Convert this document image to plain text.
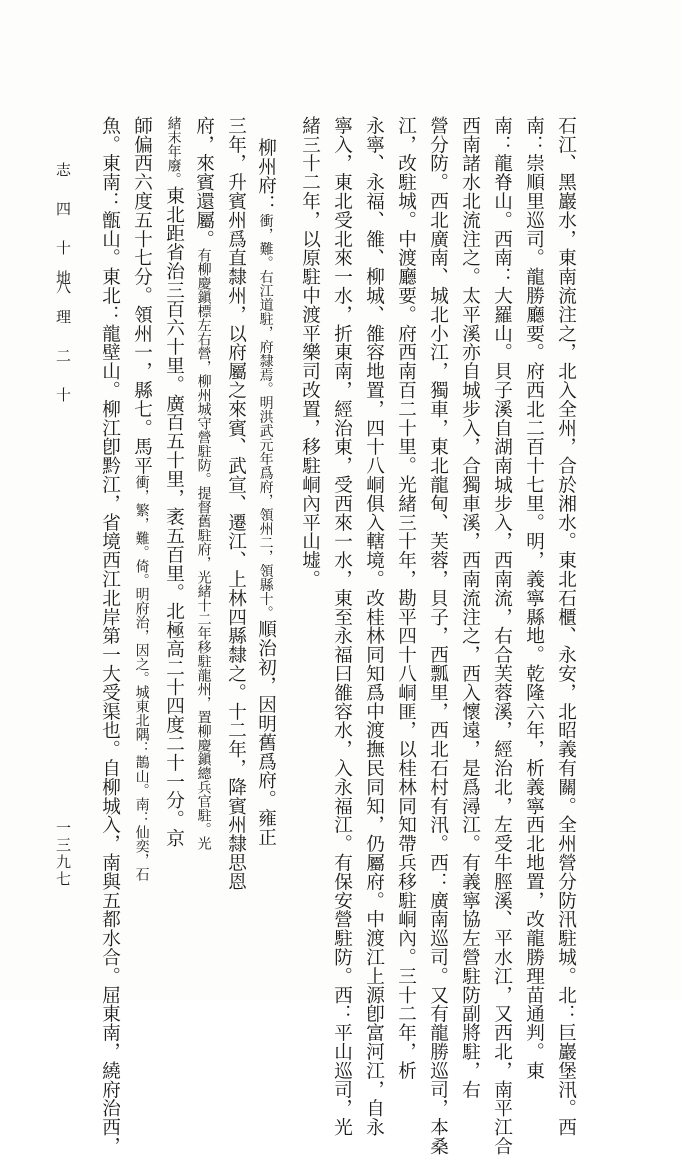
石江、黑巖水，東南流注之，北入全州，合於湘水。東北石櫃、永安，北昭義有關。全州營分防汛駐城。北：巨巖堡汛。西
南：崇順里巡司。龍勝廳要。府西北二百十七里。明，義寧縣地。乾隆六年，析義寧西北地置，改龍勝理苗通判。東
南：龍脊山。西南：大羅山。貝子溪自湖南城步入，西南流，右合芙蓉溪，經治北，左受牛脛溪、平水江，又西北，南平江合
西南諸水北流注之。太平溪亦自城步入，合獨車溪，西南流注之，西入懷遠，是爲潯江。有義寧協左營駐防副將駐，右
營分防。西北廣南、城北小江，獨車，東北龍甸、芙蓉，貝子，西瓢里，西北石村有汛。西：廣南巡司。又有龍勝巡司，本桑
江，改駐城。中渡廳要。府西南百二十里。光緒三十年，勘平四十八峒匪，以桂林同知帶兵移駐峒內。三十二年，析
永寧、永福、雒、柳城、雒容地置，四十八峒俱入轄境。改桂林同知爲中渡撫民同知，仍屬府。中渡江上源卽富河江，自永
寧入，東北受北來一水，折東南，經治東，受西來一水，東至永福曰雒容水，入永福江。有保安營駐防。西：平山巡司，光
緒三十二年，以原駐中渡平樂司改置，移駐峒內平山墟。
柳州府：衝，難。右江道駐，府隸焉。明洪武元年爲府，領州二，領縣十。順治初，因明舊爲府。雍正
三年，升賓州爲直隸州，以府屬之來賓、武宣、遷江、上林四縣隸之。十二年，降賓州隸思恩
府，來賓還屬。有柳慶鎭標左右營，柳州城守營駐防。提督舊駐府，光緒十二年移駐龍州，置柳慶鎭總兵官駐。光
緒末年廢。東北距省治三百六十里。廣百五十里，袤五百里。北極高二十四度二十一分。京
師偏西六度五十七分。領州一，縣七。馬平衝，繁，難。倚。明府治，因之。城東北隅：鵲山。南：仙奕，石
魚。東南：甑山。東北：龍壁山。柳江卽黔江，省境西江北岸第一大受渠也。自柳城入，南與五都水合。屈東南，繞府治西，
志 四 十 八
地 理 二 十
一三九七
